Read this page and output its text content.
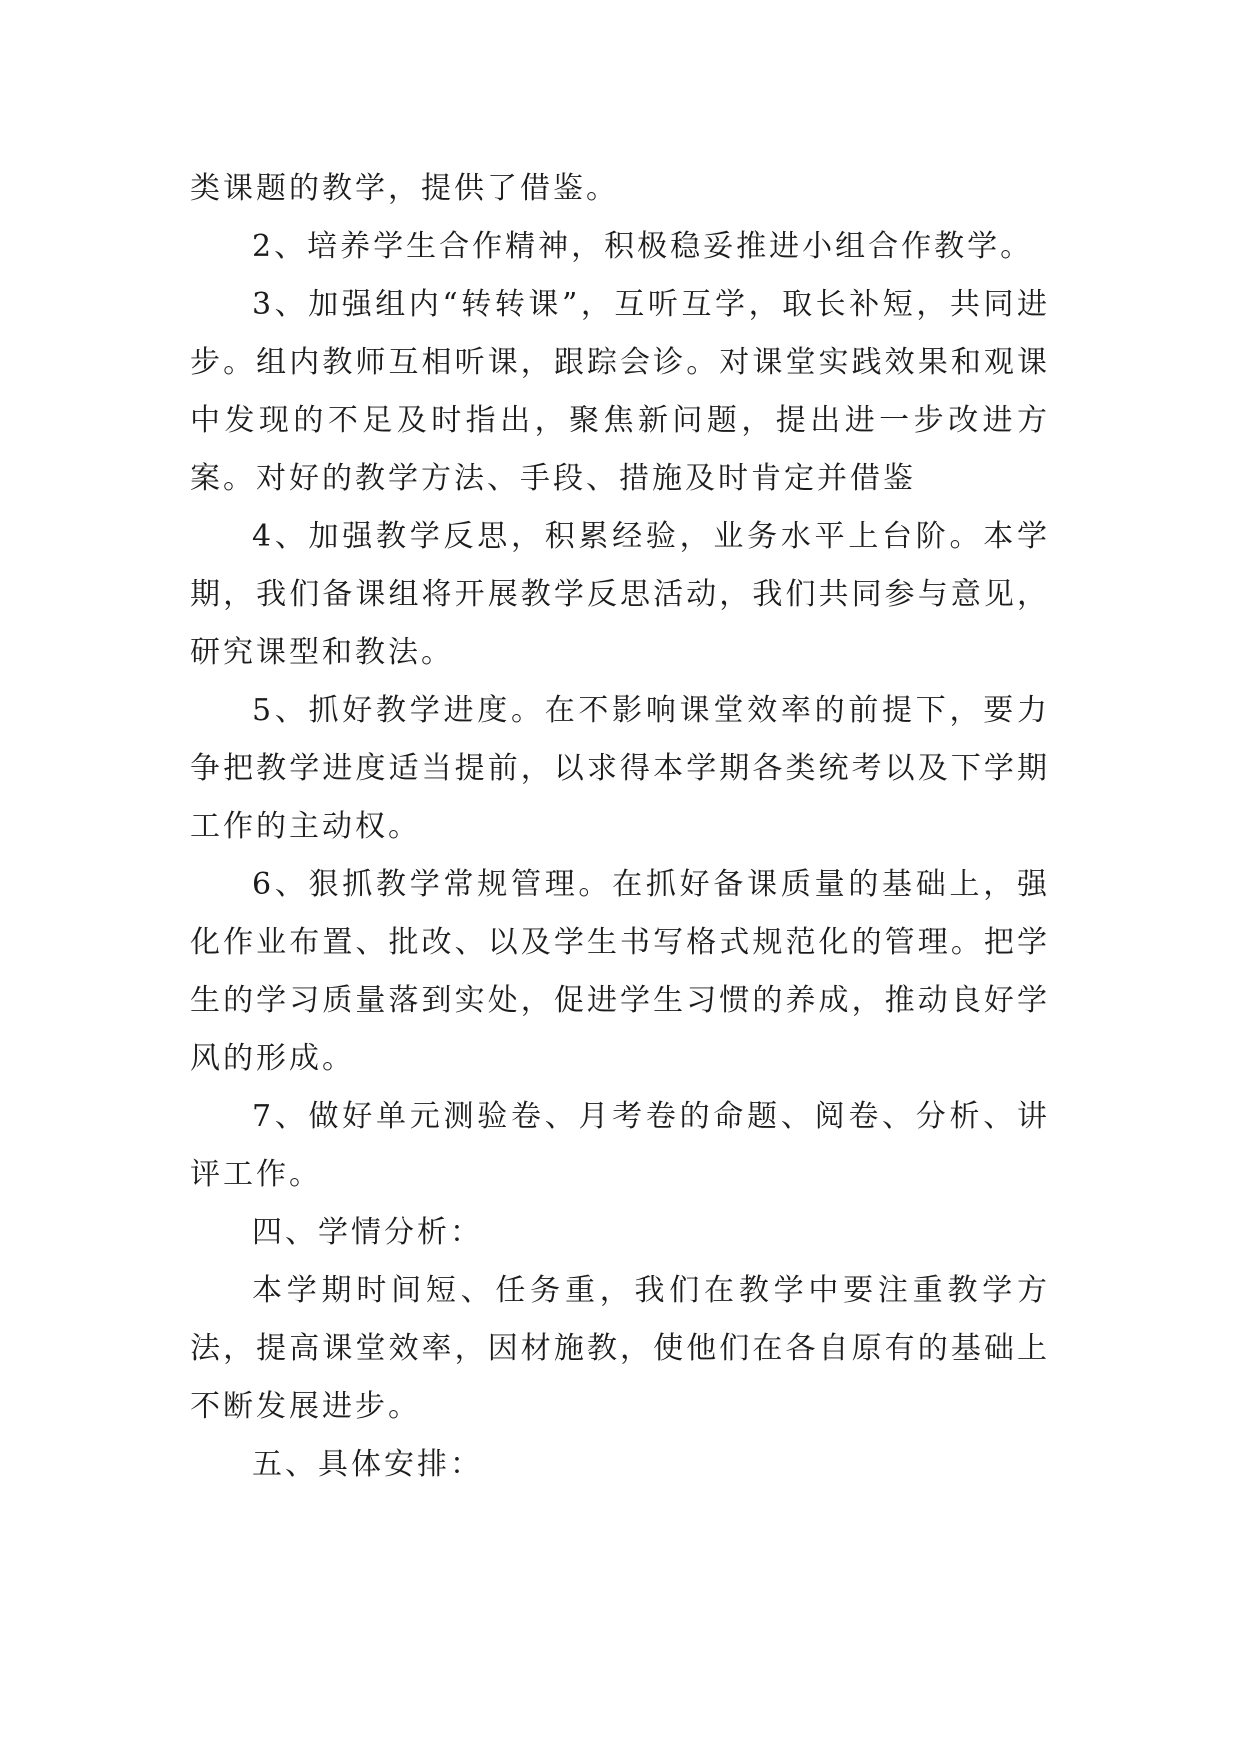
类课题的教学，提供了借鉴。

2、培养学生合作精神，积极稳妥推进小组合作教学。

3、加强组内“转转课”，互听互学，取长补短，共同进步。组内教师互相听课，跟踪会诊。对课堂实践效果和观课中发现的不足及时指出，聚焦新问题，提出进一步改进方案。对好的教学方法、手段、措施及时肯定并借鉴

4、加强教学反思，积累经验，业务水平上台阶。本学期，我们备课组将开展教学反思活动，我们共同参与意见，研究课型和教法。

5、抓好教学进度。在不影响课堂效率的前提下，要力争把教学进度适当提前，以求得本学期各类统考以及下学期工作的主动权。

6、狠抓教学常规管理。在抓好备课质量的基础上，强化作业布置、批改、以及学生书写格式规范化的管理。把学生的学习质量落到实处，促进学生习惯的养成，推动良好学风的形成。

7、做好单元测验卷、月考卷的命题、阅卷、分析、讲评工作。

四、学情分析：

本学期时间短、任务重，我们在教学中要注重教学方法，提高课堂效率，因材施教，使他们在各自原有的基础上不断发展进步。

五、具体安排：
